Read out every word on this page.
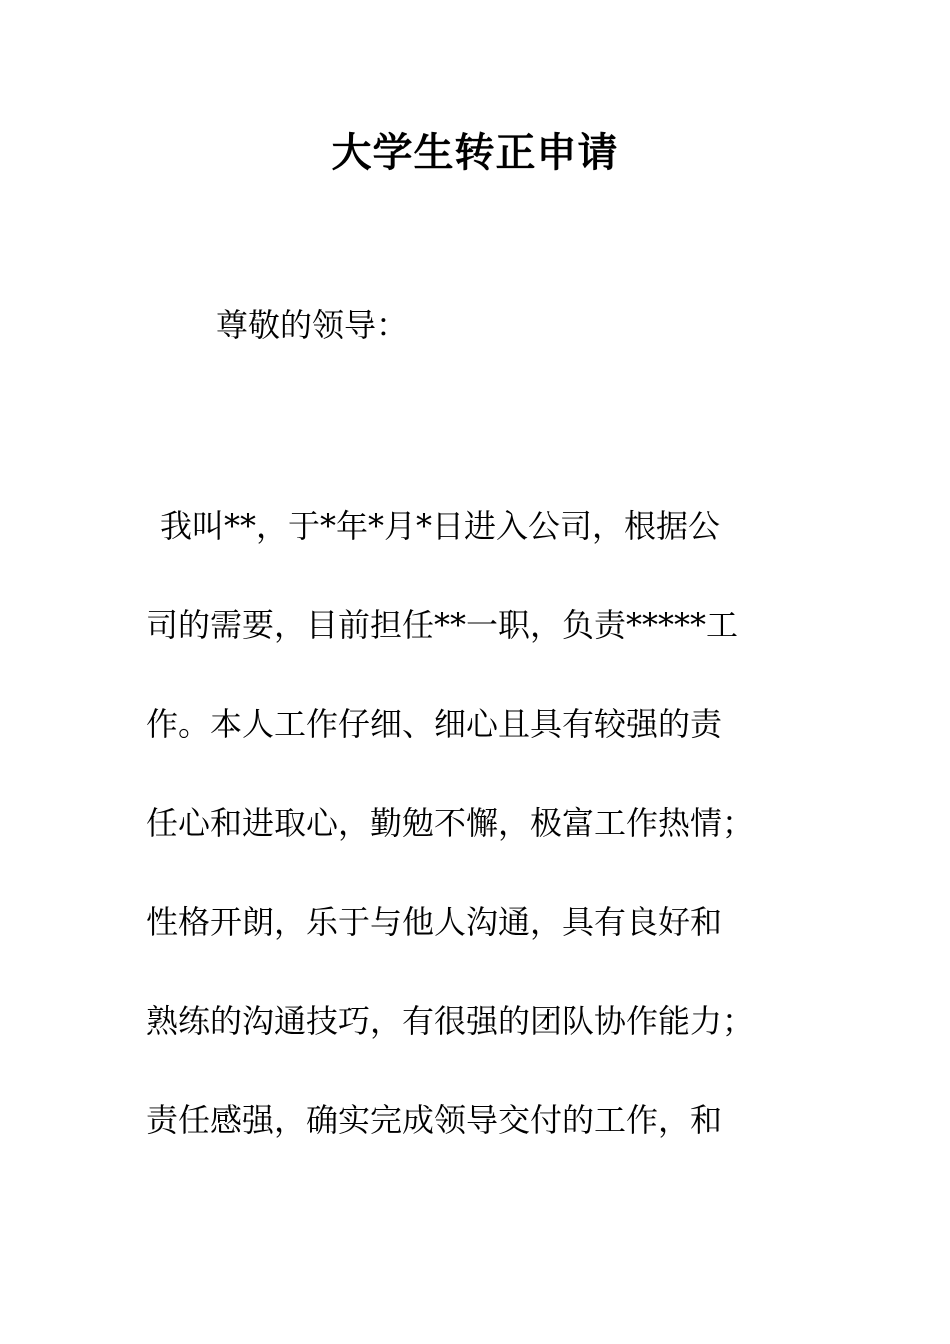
大学生转正申请

尊敬的领导：

我叫**，于*年*月*日进入公司，根据公

司的需要，目前担任**一职，负责*****工

作。本人工作仔细、细心且具有较强的责

任心和进取心，勤勉不懈，极富工作热情；

性格开朗，乐于与他人沟通，具有良好和

熟练的沟通技巧，有很强的团队协作能力；

责任感强，确实完成领导交付的工作，和
